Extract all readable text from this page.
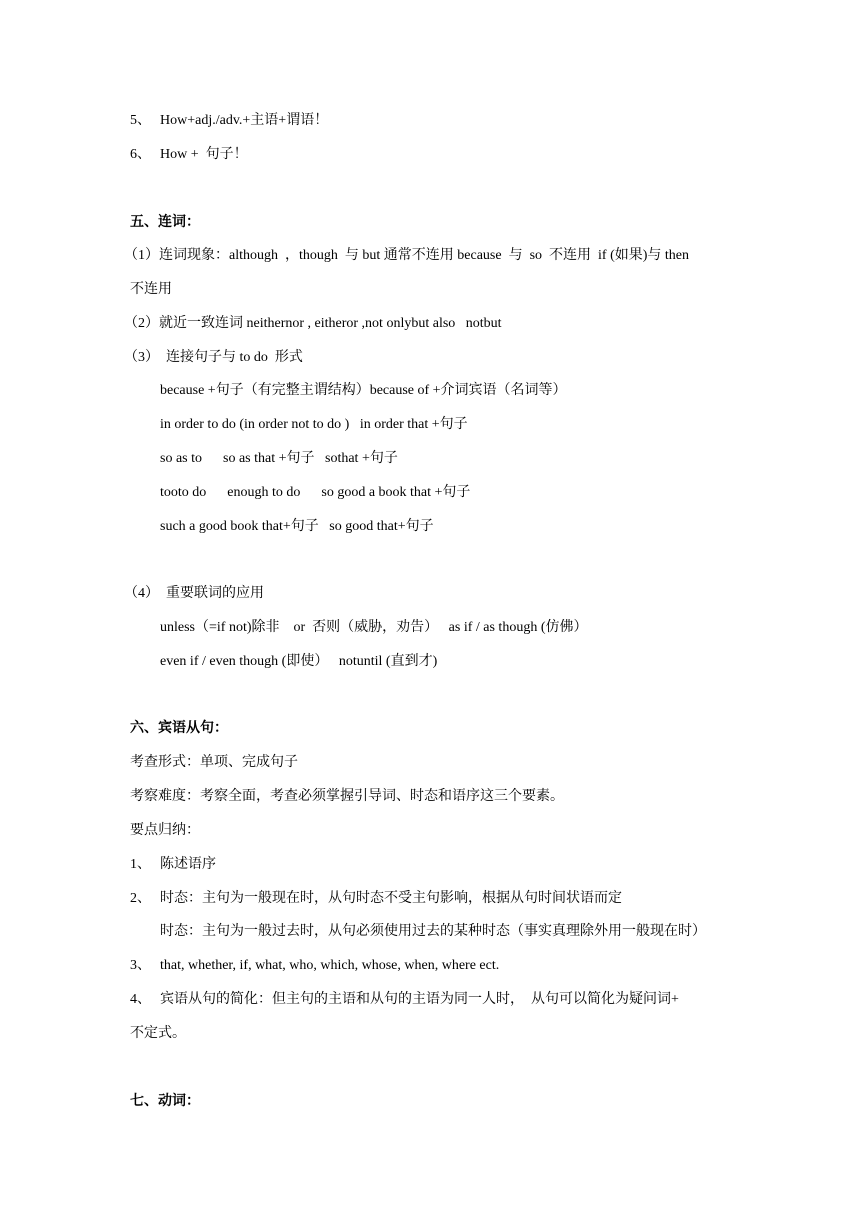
5、 How+adj./adv.+主语+谓语！
6、 How +  句子！
五、连词：
（1）连词现象：although  ，though  与 but 通常不连用 because  与  so  不连用  if (如果)与 then
不连用
（2）就近一致连词 neithernor , eitheror ,not onlybut also   notbut
（3）  连接句子与 to do  形式
because +句子（有完整主谓结构）because of +介词宾语（名词等）
in order to do (in order not to do )   in order that +句子
so as to      so as that +句子   sothat +句子
tooto do      enough to do      so good a book that +句子
such a good book that+句子   so good that+句子
（4）  重要联词的应用
unless（=if not)除非    or  否则（威胁，劝告）   as if / as though (仿佛）
even if / even though (即使）   notuntil (直到才)
六、宾语从句：
考查形式：单项、完成句子
考察难度：考察全面，考查必须掌握引导词、时态和语序这三个要素。
要点归纳：
1、 陈述语序
2、 时态：主句为一般现在时，从句时态不受主句影响，根据从句时间状语而定
时态：主句为一般过去时，从句必须使用过去的某种时态（事实真理除外用一般现在时）
3、 that, whether, if, what, who, which, whose, when, where ect.
4、 宾语从句的简化：但主句的主语和从句的主语为同一人时，  从句可以简化为疑问词+
不定式。
七、动词：
